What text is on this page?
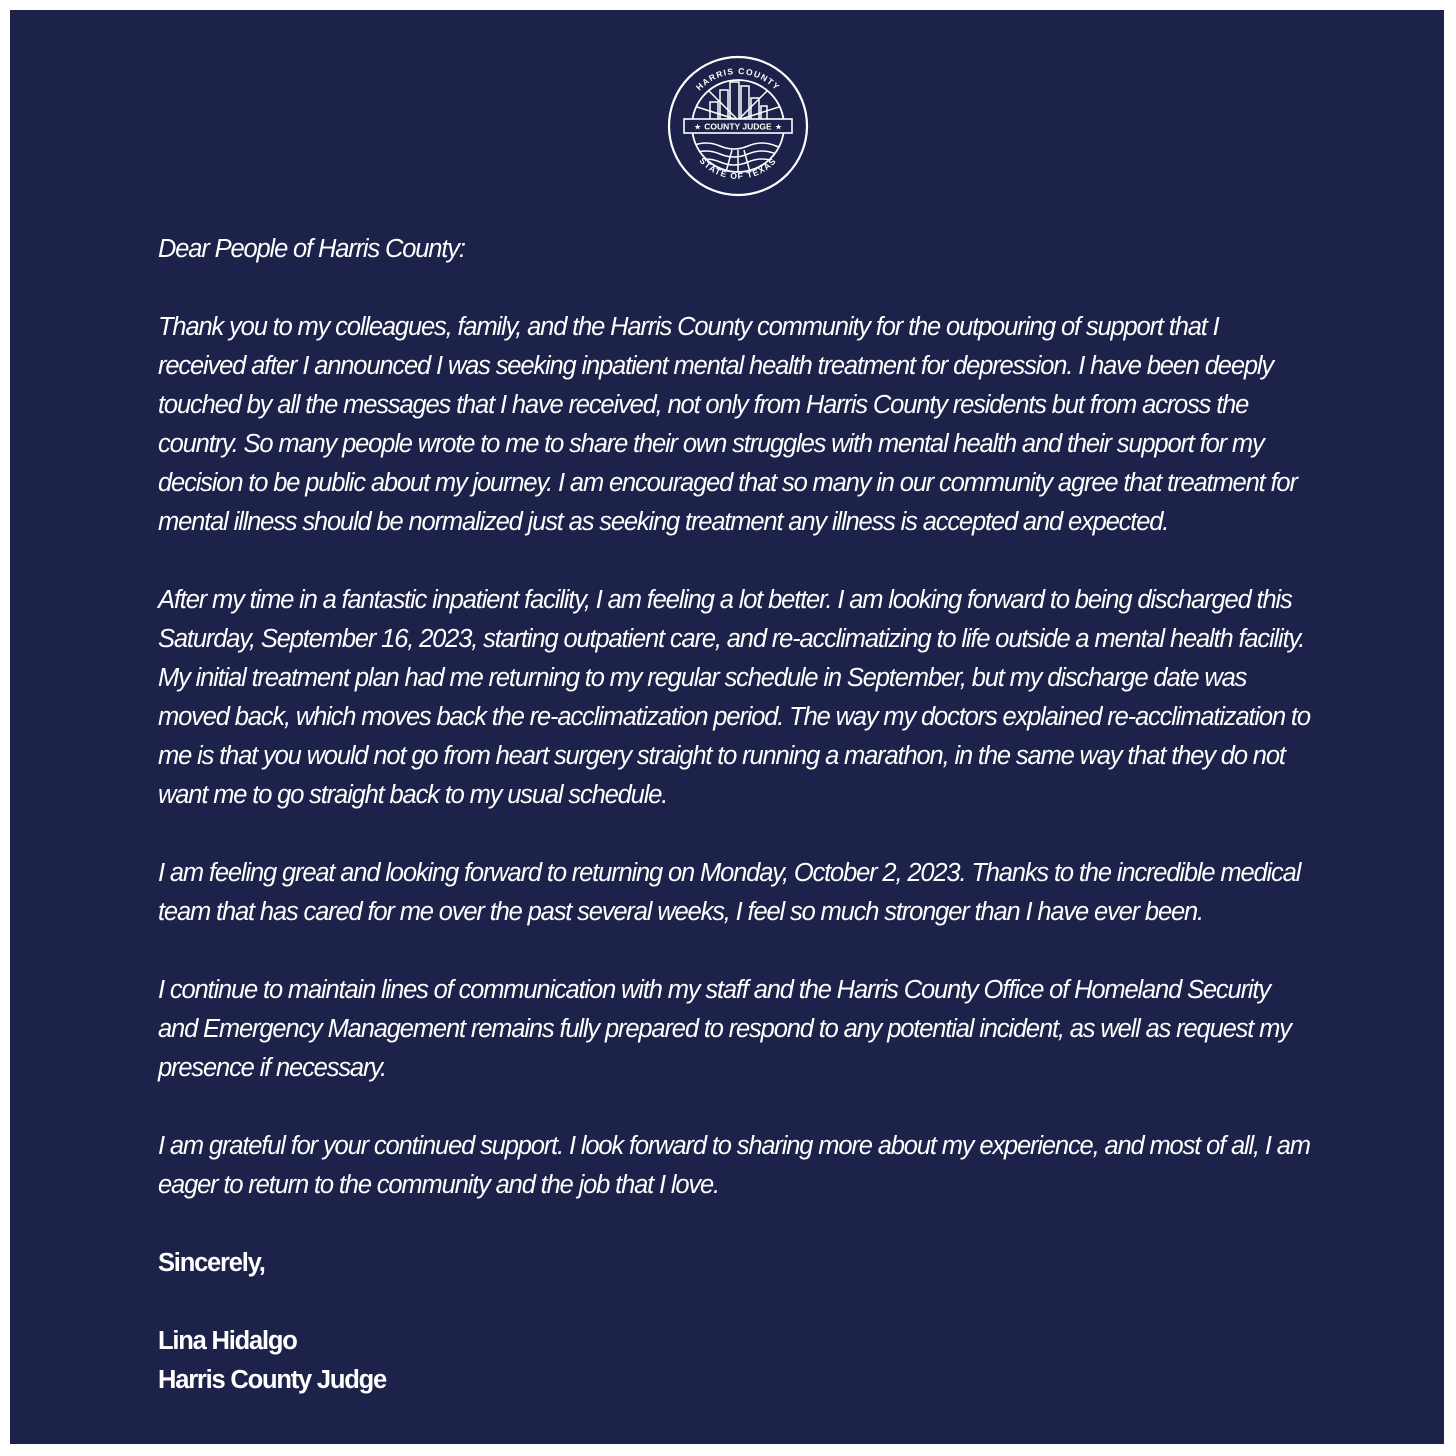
HARRIS COUNTY
STATE OF TEXAS
★	★
COUNTY JUDGE

Dear People of Harris County:

Thank you to my colleagues, family, and the Harris County community for the outpouring of support that I received after I announced I was seeking inpatient mental health treatment for depression. I have been deeply touched by all the messages that I have received, not only from Harris County residents but from across the country. So many people wrote to me to share their own struggles with mental health and their support for my decision to be public about my journey. I am encouraged that so many in our community agree that treatment for mental illness should be normalized just as seeking treatment any illness is accepted and expected.

After my time in a fantastic inpatient facility, I am feeling a lot better. I am looking forward to being discharged this Saturday, September 16, 2023, starting outpatient care, and re-acclimatizing to life outside a mental health facility. My initial treatment plan had me returning to my regular schedule in September, but my discharge date was moved back, which moves back the re-acclimatization period. The way my doctors explained re-acclimatization to me is that you would not go from heart surgery straight to running a marathon, in the same way that they do not want me to go straight back to my usual schedule.

I am feeling great and looking forward to returning on Monday, October 2, 2023. Thanks to the incredible medical team that has cared for me over the past several weeks, I feel so much stronger than I have ever been.

I continue to maintain lines of communication with my staff and the Harris County Office of Homeland Security and Emergency Management remains fully prepared to respond to any potential incident, as well as request my presence if necessary.

I am grateful for your continued support. I look forward to sharing more about my experience, and most of all, I am eager to return to the community and the job that I love.

Sincerely,

Lina Hidalgo

Harris County Judge
